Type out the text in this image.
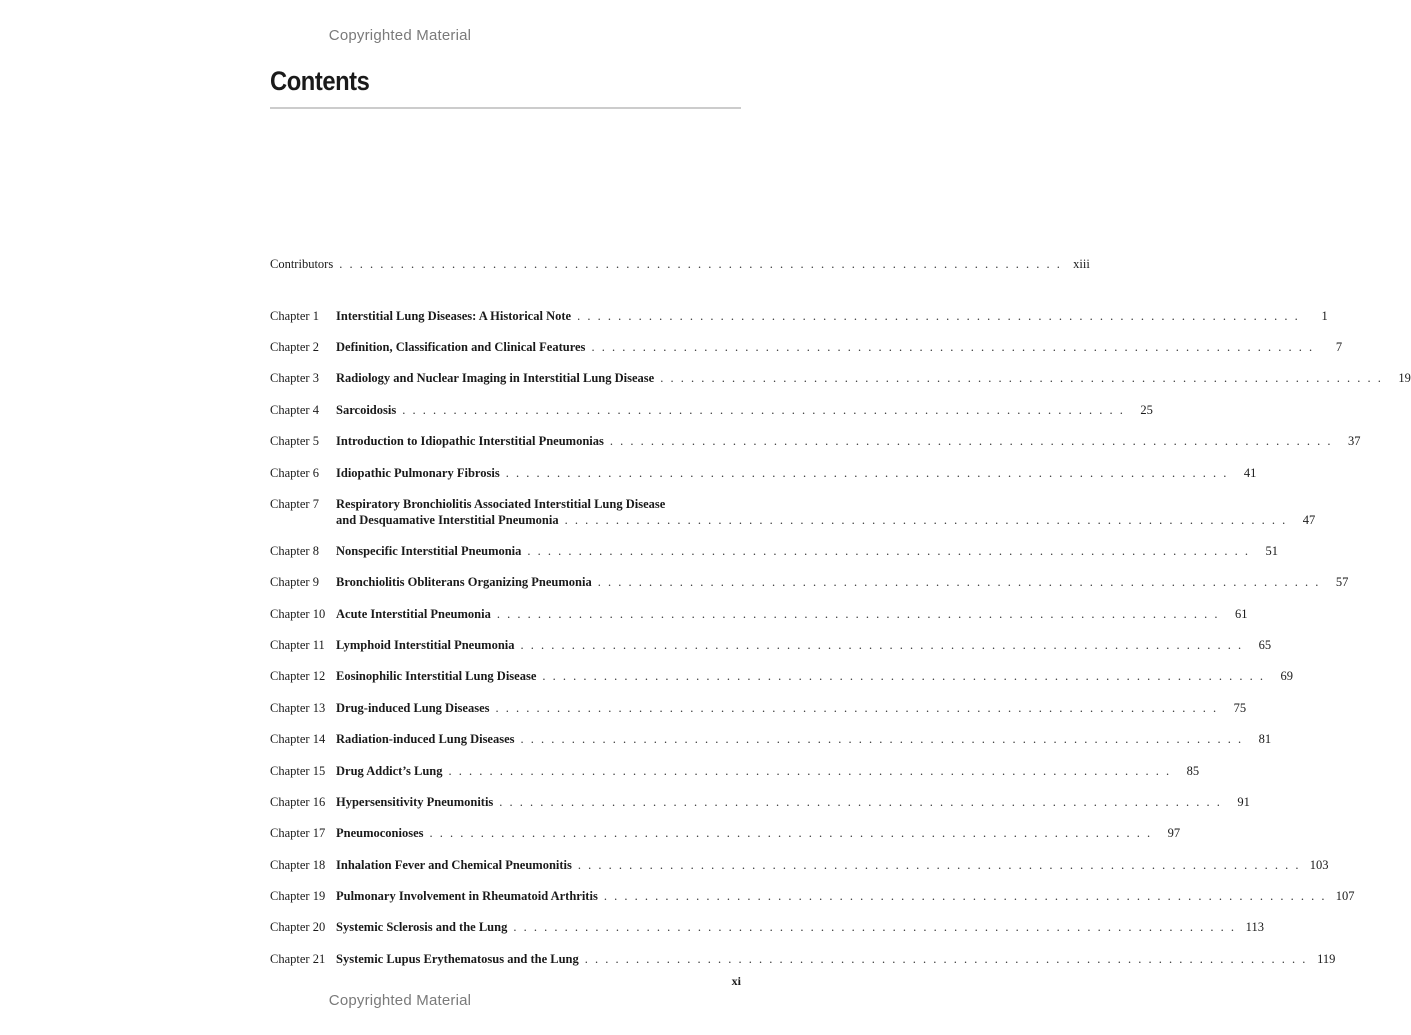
Copyrighted Material
Contents
Contributors . . . . . . . . . . . . . . . . . . . . . . . . . . . . . . . . . . . . . . . . . . . . . . . . . . . . . . . . . . . . . . . . . . . . . . . xiii
Chapter 1	Interstitial Lung Diseases: A Historical Note . . . . . . . . . . . . . . . . . . . . . . . . . . . . . . . . . . . . . . . . . . . . . . . . . . . . . . . . . . . . . . . . . . . . . . .	1
Chapter 2	Definition, Classification and Clinical Features . . . . . . . . . . . . . . . . . . . . . . . . . . . . . . . . . . . . . . . . . . . . . . . . . . . . . . . . . . . . . . . . . . . . . . .	7
Chapter 3	Radiology and Nuclear Imaging in Interstitial Lung Disease . . . . . . . . . . . . . . . . . . . . . . . . . . . . . . . . . . . . . . . . . . . . . . . . . . . . . . . . . . . . . . . . . . . . . . .	19
Chapter 4	Sarcoidosis . . . . . . . . . . . . . . . . . . . . . . . . . . . . . . . . . . . . . . . . . . . . . . . . . . . . . . . . . . . . . . . . . . . . . . .	25
Chapter 5	Introduction to Idiopathic Interstitial Pneumonias . . . . . . . . . . . . . . . . . . . . . . . . . . . . . . . . . . . . . . . . . . . . . . . . . . . . . . . . . . . . . . . . . . . . . . .	37
Chapter 6	Idiopathic Pulmonary Fibrosis . . . . . . . . . . . . . . . . . . . . . . . . . . . . . . . . . . . . . . . . . . . . . . . . . . . . . . . . . . . . . . . . . . . . . . .	41
Chapter 7	Respiratory Bronchiolitis Associated Interstitial Lung Disease
and Desquamative Interstitial Pneumonia . . . . . . . . . . . . . . . . . . . . . . . . . . . . . . . . . . . . . . . . . . . . . . . . . . . . . . . . . . . . . . . . . . . . . . .	47
Chapter 8	Nonspecific Interstitial Pneumonia . . . . . . . . . . . . . . . . . . . . . . . . . . . . . . . . . . . . . . . . . . . . . . . . . . . . . . . . . . . . . . . . . . . . . . .	51
Chapter 9	Bronchiolitis Obliterans Organizing Pneumonia . . . . . . . . . . . . . . . . . . . . . . . . . . . . . . . . . . . . . . . . . . . . . . . . . . . . . . . . . . . . . . . . . . . . . . .	57
Chapter 10 Acute Interstitial Pneumonia . . . . . . . . . . . . . . . . . . . . . . . . . . . . . . . . . . . . . . . . . . . . . . . . . . . . . . . . . . . . . . . . . . . . . . .	61
Chapter 11 Lymphoid Interstitial Pneumonia . . . . . . . . . . . . . . . . . . . . . . . . . . . . . . . . . . . . . . . . . . . . . . . . . . . . . . . . . . . . . . . . . . . . . . .	65
Chapter 12 Eosinophilic Interstitial Lung Disease . . . . . . . . . . . . . . . . . . . . . . . . . . . . . . . . . . . . . . . . . . . . . . . . . . . . . . . . . . . . . . . . . . . . . . .	69
Chapter 13 Drug-induced Lung Diseases . . . . . . . . . . . . . . . . . . . . . . . . . . . . . . . . . . . . . . . . . . . . . . . . . . . . . . . . . . . . . . . . . . . . . . .	75
Chapter 14 Radiation-induced Lung Diseases . . . . . . . . . . . . . . . . . . . . . . . . . . . . . . . . . . . . . . . . . . . . . . . . . . . . . . . . . . . . . . . . . . . . . . .	81
Chapter 15 Drug Addict’s Lung . . . . . . . . . . . . . . . . . . . . . . . . . . . . . . . . . . . . . . . . . . . . . . . . . . . . . . . . . . . . . . . . . . . . . . .	85
Chapter 16 Hypersensitivity Pneumonitis . . . . . . . . . . . . . . . . . . . . . . . . . . . . . . . . . . . . . . . . . . . . . . . . . . . . . . . . . . . . . . . . . . . . . . .	91
Chapter 17 Pneumoconioses . . . . . . . . . . . . . . . . . . . . . . . . . . . . . . . . . . . . . . . . . . . . . . . . . . . . . . . . . . . . . . . . . . . . . . .	97
Chapter 18 Inhalation Fever and Chemical Pneumonitis . . . . . . . . . . . . . . . . . . . . . . . . . . . . . . . . . . . . . . . . . . . . . . . . . . . . . . . . . . . . . . . . . . . . . . . 103
Chapter 19 Pulmonary Involvement in Rheumatoid Arthritis . . . . . . . . . . . . . . . . . . . . . . . . . . . . . . . . . . . . . . . . . . . . . . . . . . . . . . . . . . . . . . . . . . . . . . . 107
Chapter 20 Systemic Sclerosis and the Lung . . . . . . . . . . . . . . . . . . . . . . . . . . . . . . . . . . . . . . . . . . . . . . . . . . . . . . . . . . . . . . . . . . . . . . . 113
Chapter 21 Systemic Lupus Erythematosus and the Lung . . . . . . . . . . . . . . . . . . . . . . . . . . . . . . . . . . . . . . . . . . . . . . . . . . . . . . . . . . . . . . . . . . . . . . . 119
xi
Copyrighted Material
